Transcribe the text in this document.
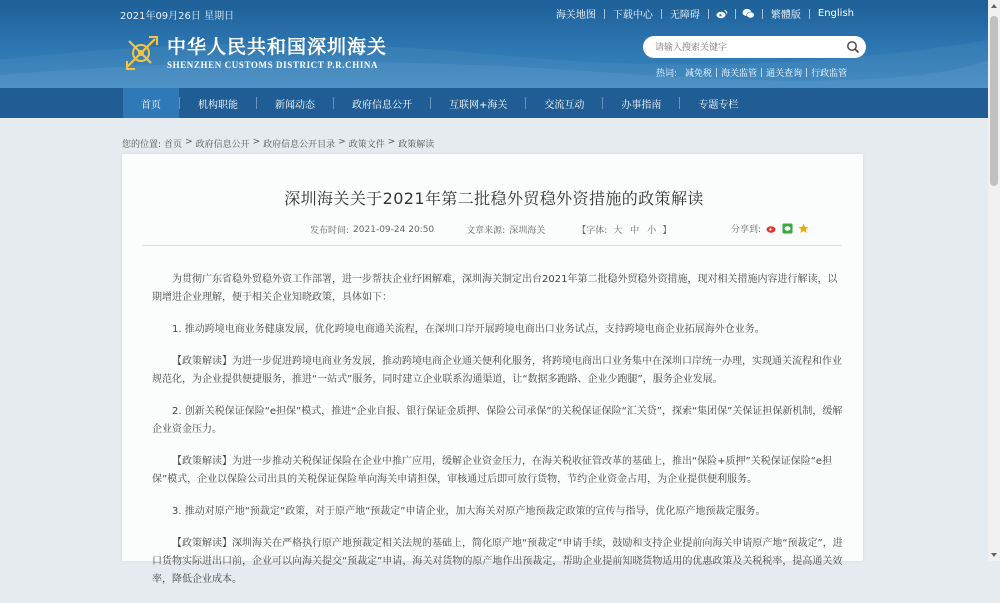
2021年09月26日 星期日	海关地图	下载中心	无障碍	繁體版	English
中华人民共和国深圳海关
SHENZHEN CUSTOMS DISTRICT P.R.CHINA
请输入搜索关键字
热词: 减免税	海关监管	通关查询	行政监管
首页	机构职能	新闻动态	政府信息公开	互联网+海关	交流互动	办事指南	专题专栏
您的位置: 首页 > 政府信息公开 > 政府信息公开目录 > 政策文件 > 政策解读
深圳海关关于2021年第二批稳外贸稳外资措施的政策解读
发布时间: 2021-09-24 20:50	文章来源: 深圳海关	【字体: 大 中 小 】	分享到:

为贯彻广东省稳外贸稳外资工作部署，进一步帮扶企业纾困解难，深圳海关制定出台2021年第二批稳外贸稳外资措施，现对相关措施内容进行解读，以期增进企业理解，便于相关企业知晓政策，具体如下：

1. 推动跨境电商业务健康发展，优化跨境电商通关流程，在深圳口岸开展跨境电商出口业务试点，支持跨境电商企业拓展海外仓业务。

【政策解读】为进一步促进跨境电商业务发展，推动跨境电商企业通关便利化服务，将跨境电商出口业务集中在深圳口岸统一办理，实现通关流程和作业规范化，为企业提供便捷服务，推进“一站式”服务，同时建立企业联系沟通渠道，让“数据多跑路、企业少跑腿”，服务企业发展。

2. 创新关税保证保险“e担保”模式，推进“企业自报、银行保证金质押、保险公司承保”的关税保证保险“汇关贷”，探索“集团保”关保证担保新机制，缓解企业资金压力。

【政策解读】为进一步推动关税保证保险在企业中推广应用，缓解企业资金压力，在海关税收征管改革的基础上，推出“保险+质押”关税保证保险“e担保”模式，企业以保险公司出具的关税保证保险单向海关申请担保，审核通过后即可放行货物，节约企业资金占用，为企业提供便利服务。

3. 推动对原产地“预裁定”政策，对于原产地“预裁定”申请企业，加大海关对原产地预裁定政策的宣传与指导，优化原产地预裁定服务。

【政策解读】深圳海关在严格执行原产地预裁定相关法规的基础上，简化原产地“预裁定”申请手续，鼓励和支持企业提前向海关申请原产地“预裁定”，进口货物实际进出口前，企业可以向海关提交“预裁定”申请，海关对货物的原产地作出预裁定，帮助企业提前知晓货物适用的优惠政策及关税税率，提高通关效率，降低企业成本。
